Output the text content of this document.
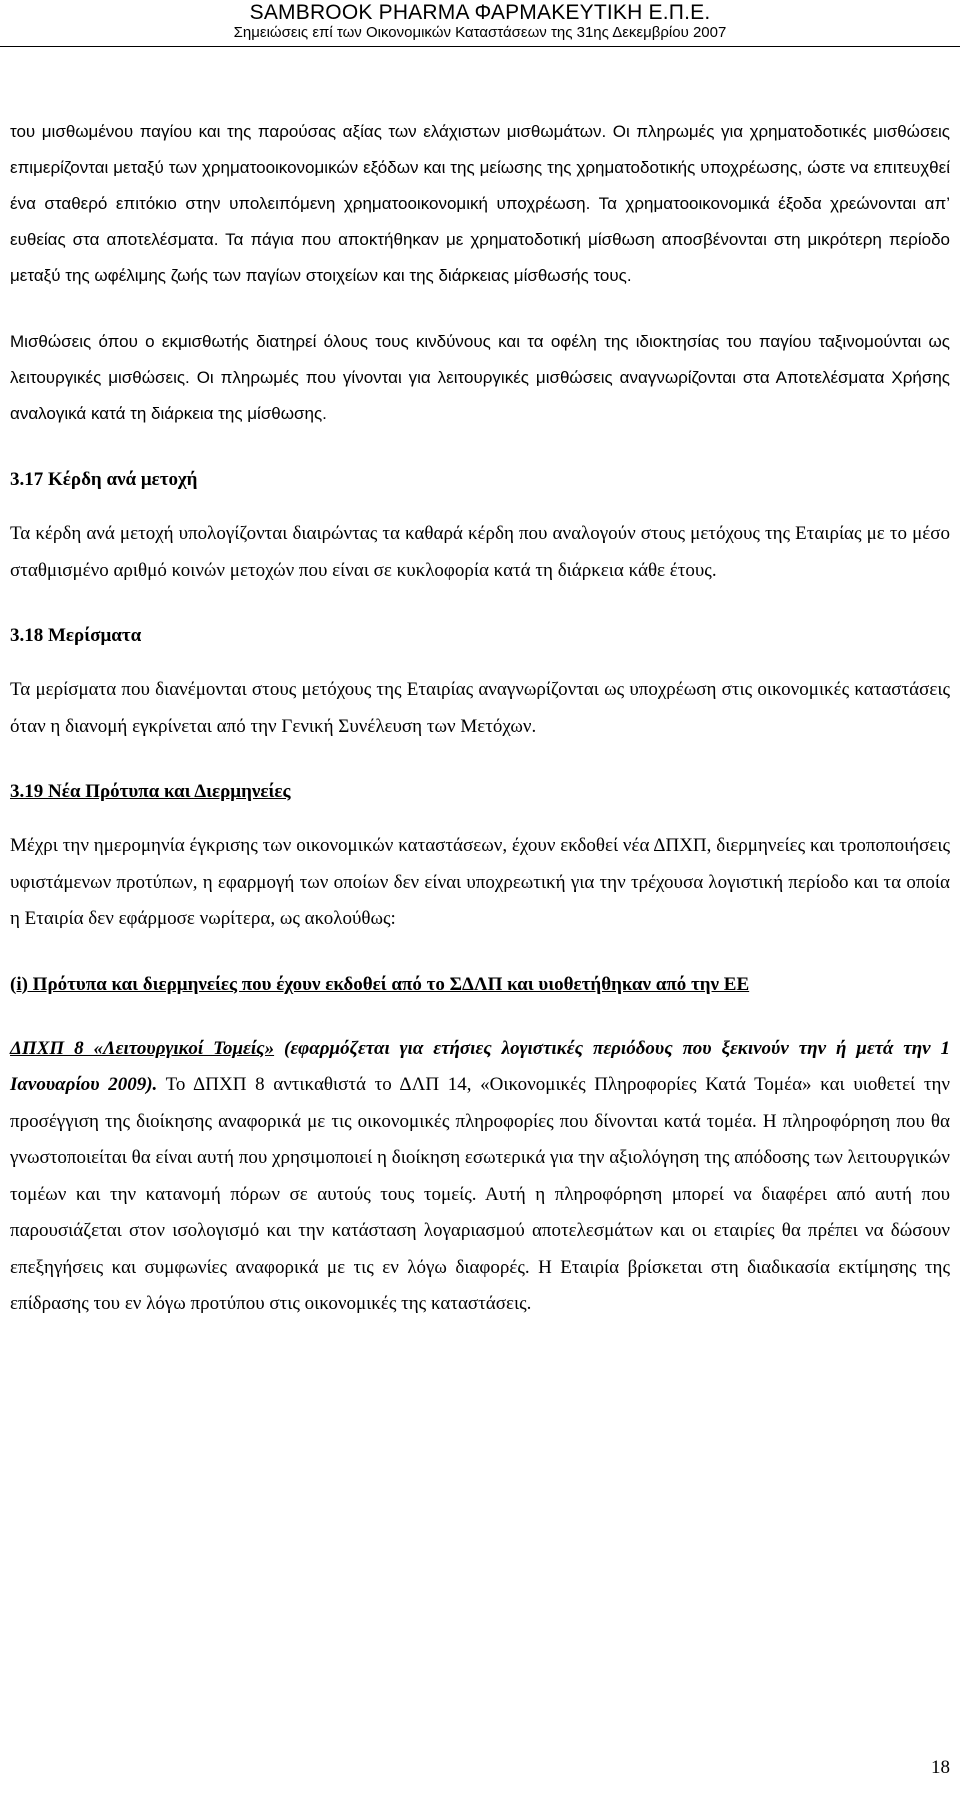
SAMBROOK PHARMA ΦΑΡΜΑΚΕΥΤΙΚΗ Ε.Π.Ε.
Σημειώσεις επί των Οικονομικών Καταστάσεων της 31ης Δεκεμβρίου 2007

του μισθωμένου παγίου και της παρούσας αξίας των ελάχιστων μισθωμάτων. Οι πληρωμές για χρηματοδοτικές μισθώσεις επιμερίζονται μεταξύ των χρηματοοικονομικών εξόδων και της μείωσης της χρηματοδοτικής υποχρέωσης, ώστε να επιτευχθεί ένα σταθερό επιτόκιο στην υπολειπόμενη χρηματοοικονομική υποχρέωση. Τα χρηματοοικονομικά έξοδα χρεώνονται απ’ ευθείας στα αποτελέσματα. Τα πάγια που αποκτήθηκαν με χρηματοδοτική μίσθωση αποσβένονται στη μικρότερη περίοδο μεταξύ της ωφέλιμης ζωής των παγίων στοιχείων και της διάρκειας μίσθωσής τους.

Μισθώσεις όπου ο εκμισθωτής διατηρεί όλους τους κινδύνους και τα οφέλη της ιδιοκτησίας του παγίου ταξινομούνται ως λειτουργικές μισθώσεις. Οι πληρωμές που γίνονται για λειτουργικές μισθώσεις αναγνωρίζονται στα Αποτελέσματα Χρήσης αναλογικά κατά τη διάρκεια της μίσθωσης.

3.17 Κέρδη ανά μετοχή

Τα κέρδη ανά μετοχή υπολογίζονται διαιρώντας τα καθαρά κέρδη που αναλογούν στους μετόχους της Εταιρίας με το μέσο σταθμισμένο αριθμό κοινών μετοχών που είναι σε κυκλοφορία κατά τη διάρκεια κάθε έτους.

3.18 Μερίσματα

Τα μερίσματα που διανέμονται στους μετόχους της Εταιρίας αναγνωρίζονται ως υποχρέωση στις οικονομικές καταστάσεις όταν η διανομή εγκρίνεται από την Γενική Συνέλευση των Μετόχων.

3.19 Νέα Πρότυπα και Διερμηνείες

Μέχρι την ημερομηνία έγκρισης των οικονομικών καταστάσεων, έχουν εκδοθεί νέα ΔΠΧΠ, διερμηνείες και τροποποιήσεις υφιστάμενων προτύπων, η εφαρμογή των οποίων δεν είναι υποχρεωτική για την τρέχουσα λογιστική περίοδο και τα οποία η Εταιρία δεν εφάρμοσε νωρίτερα, ως ακολούθως:

(i) Πρότυπα και διερμηνείες που έχουν εκδοθεί από το ΣΔΛΠ και υιοθετήθηκαν από την ΕΕ

ΔΠΧΠ 8 «Λειτουργικοί Τομείς» (εφαρμόζεται για ετήσιες λογιστικές περιόδους που ξεκινούν την ή μετά την 1 Ιανουαρίου 2009). Το ΔΠΧΠ 8 αντικαθιστά το ΔΛΠ 14, «Οικονομικές Πληροφορίες Κατά Τομέα» και υιοθετεί την προσέγγιση της διοίκησης αναφορικά με τις οικονομικές πληροφορίες που δίνονται κατά τομέα. Η πληροφόρηση που θα γνωστοποιείται θα είναι αυτή που χρησιμοποιεί η διοίκηση εσωτερικά για την αξιολόγηση της απόδοσης των λειτουργικών τομέων και την κατανομή πόρων σε αυτούς τους τομείς. Αυτή η πληροφόρηση μπορεί να διαφέρει από αυτή που παρουσιάζεται στον ισολογισμό και την κατάσταση λογαριασμού αποτελεσμάτων και οι εταιρίες θα πρέπει να δώσουν επεξηγήσεις και συμφωνίες αναφορικά με τις εν λόγω διαφορές. Η Εταιρία βρίσκεται στη διαδικασία εκτίμησης της επίδρασης του εν λόγω προτύπου στις οικονομικές της καταστάσεις.

18
